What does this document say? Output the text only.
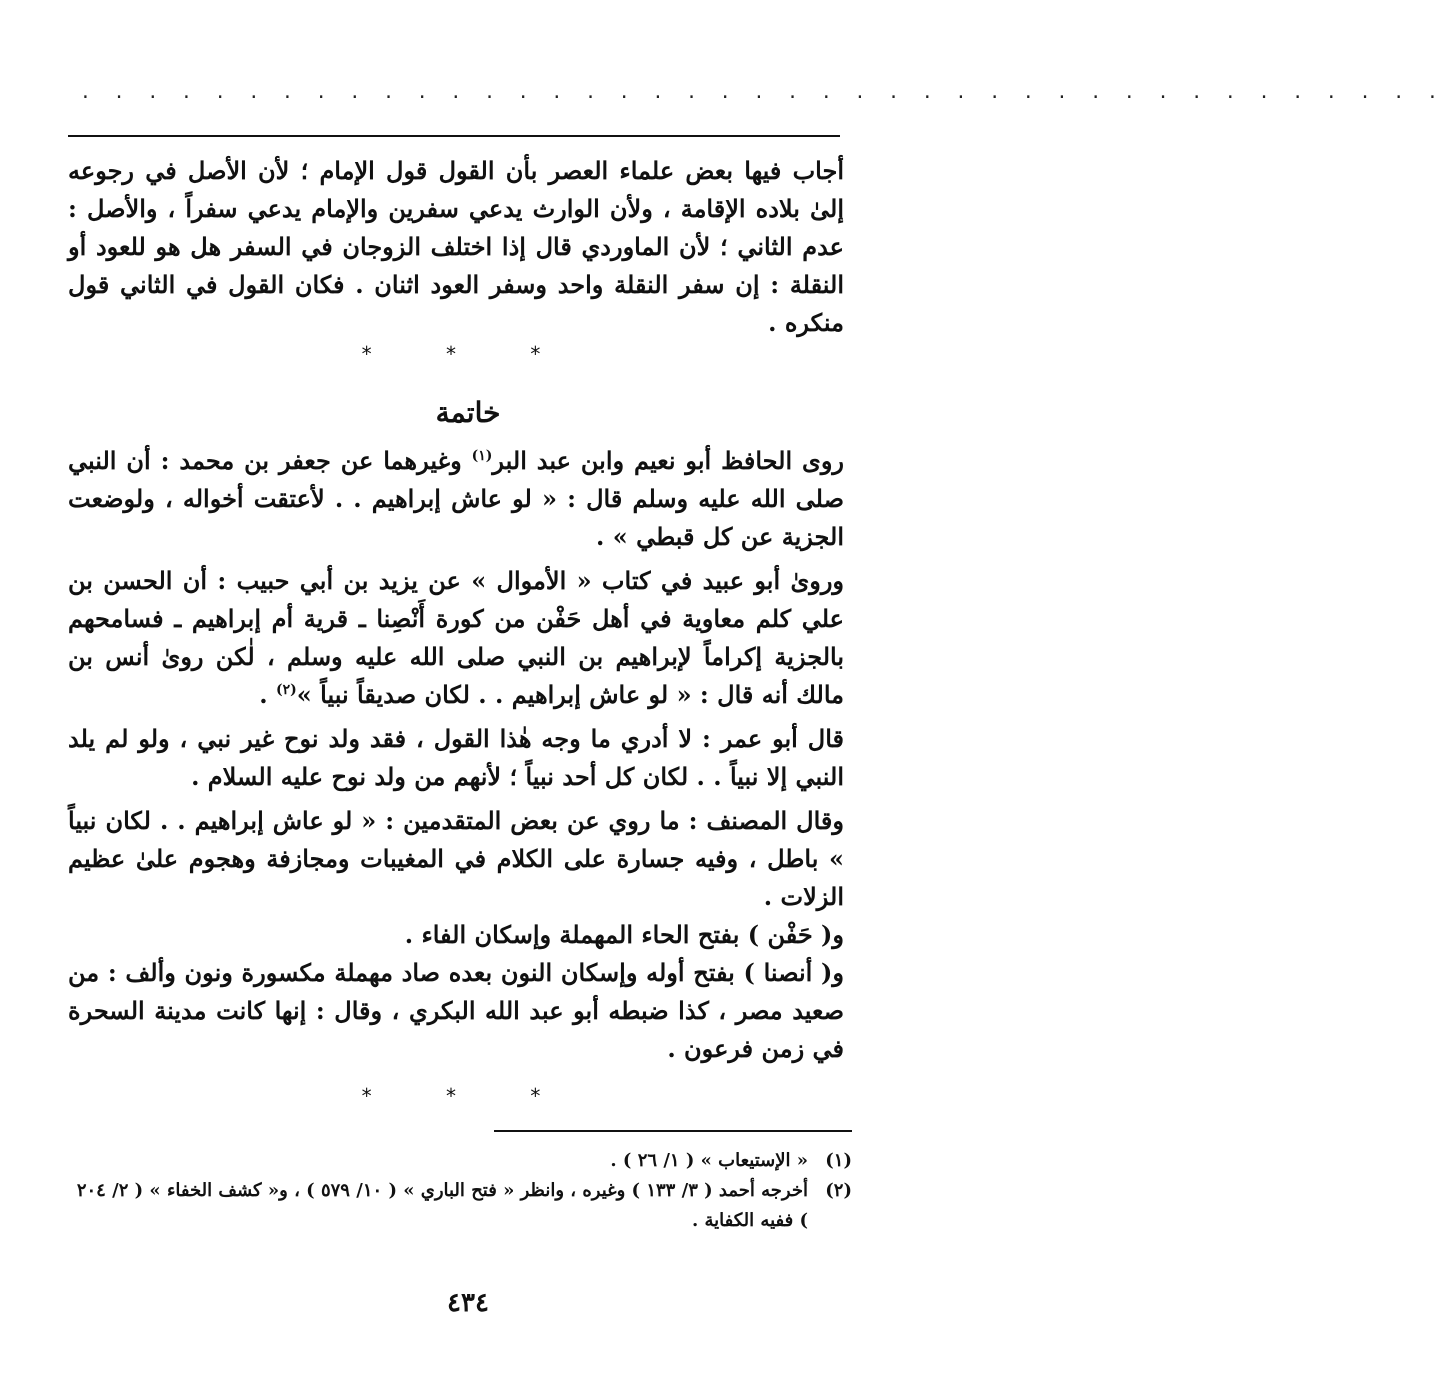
. . . . . . . . . . . . . . . . . . . . . . . . . . . . . . . . . . . . . . . . .

أجاب فيها بعض علماء العصر بأن القول قول الإمام ؛ لأن الأصل في رجوعه إلىٰ بلاده الإقامة ، ولأن الوارث يدعي سفرين والإمام يدعي سفراً ، والأصل : عدم الثاني ؛ لأن الماوردي قال إذا اختلف الزوجان في السفر هل هو للعود أو النقلة : إن سفر النقلة واحد وسفر العود اثنان . فكان القول في الثاني قول منكره .

* * *
خاتمة

روى الحافظ أبو نعيم وابن عبد البر$^{(١)}$ وغيرهما عن جعفر بن محمد : أن النبي صلى الله عليه وسلم قال : « لو عاش إبراهيم . . لأعتقت أخواله ، ولوضعت الجزية عن كل قبطي » .

وروىٰ أبو عبيد في كتاب « الأموال » عن يزيد بن أبي حبيب : أن الحسن بن علي كلم معاوية في أهل حَفْن من كورة أَنْصِنا ـ قرية أم إبراهيم ـ فسامحهم بالجزية إكراماً لإبراهيم بن النبي صلى الله عليه وسلم ، لٰكن روىٰ أنس بن مالك أنه قال : « لو عاش إبراهيم . . لكان صديقاً نبياً »$^{(٢)}$ .

قال أبو عمر : لا أدري ما وجه هٰذا القول ، فقد ولد نوح غير نبي ، ولو لم يلد النبي إلا نبياً . . لكان كل أحد نبياً ؛ لأنهم من ولد نوح عليه السلام .

وقال المصنف : ما روي عن بعض المتقدمين : « لو عاش إبراهيم . . لكان نبياً » باطل ، وفيه جسارة على الكلام في المغيبات ومجازفة وهجوم علىٰ عظيم الزلات .

و( حَفْن ) بفتح الحاء المهملة وإسكان الفاء .

و( أنصنا ) بفتح أوله وإسكان النون بعده صاد مهملة مكسورة ونون وألف : من صعيد مصر ، كذا ضبطه أبو عبد الله البكري ، وقال : إنها كانت مدينة السحرة في زمن فرعون .

* * *
(١)
« الإستيعاب » ( ١/ ٢٦ ) .
(٢)
أخرجه أحمد ( ٣/ ١٣٣ ) وغيره ، وانظر « فتح الباري » ( ١٠/ ٥٧٩ ) ، و« كشف الخفاء » ( ٢/ ٢٠٤ ) ففيه الكفاية .
٤٣٤
